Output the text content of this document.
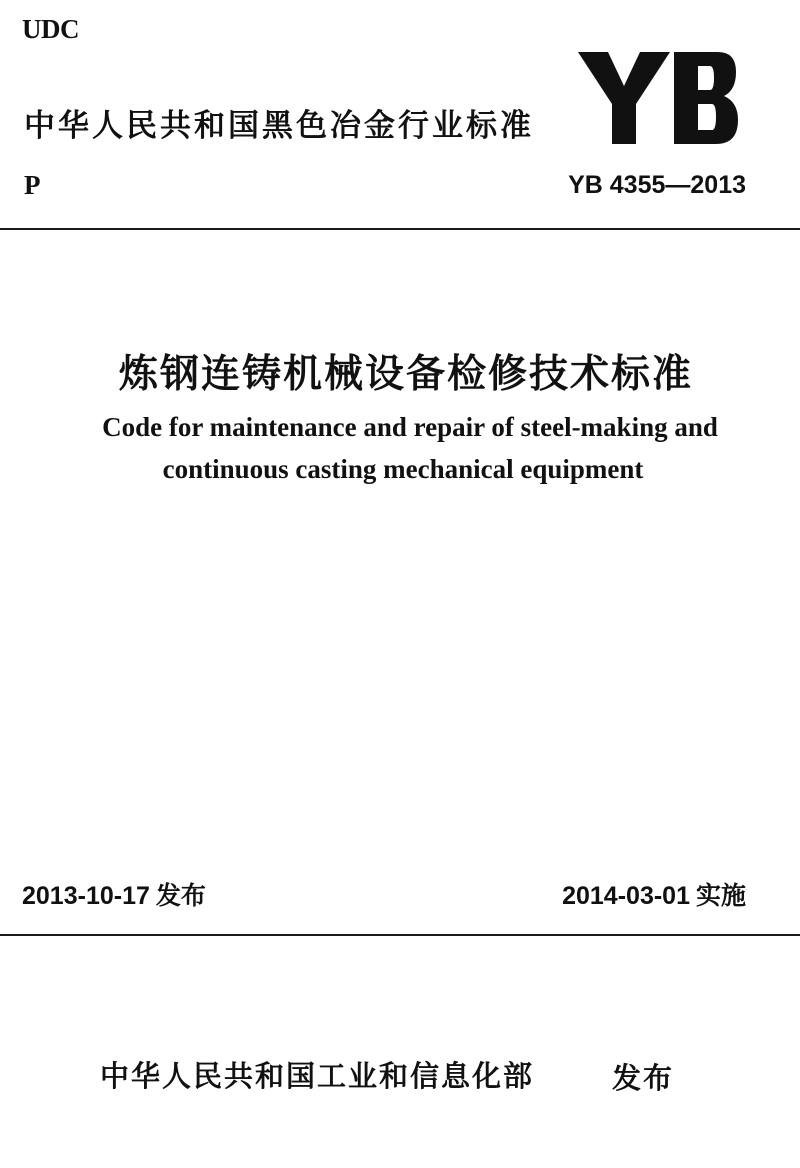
UDC
中华人民共和国黑色冶金行业标准
P	YB 4355—2013
炼钢连铸机械设备检修技术标准
Code for maintenance and repair of steel-making and
continuous casting mechanical equipment
2013-10-17 发布	2014-03-01 实施
中华人民共和国工业和信息化部	发布
